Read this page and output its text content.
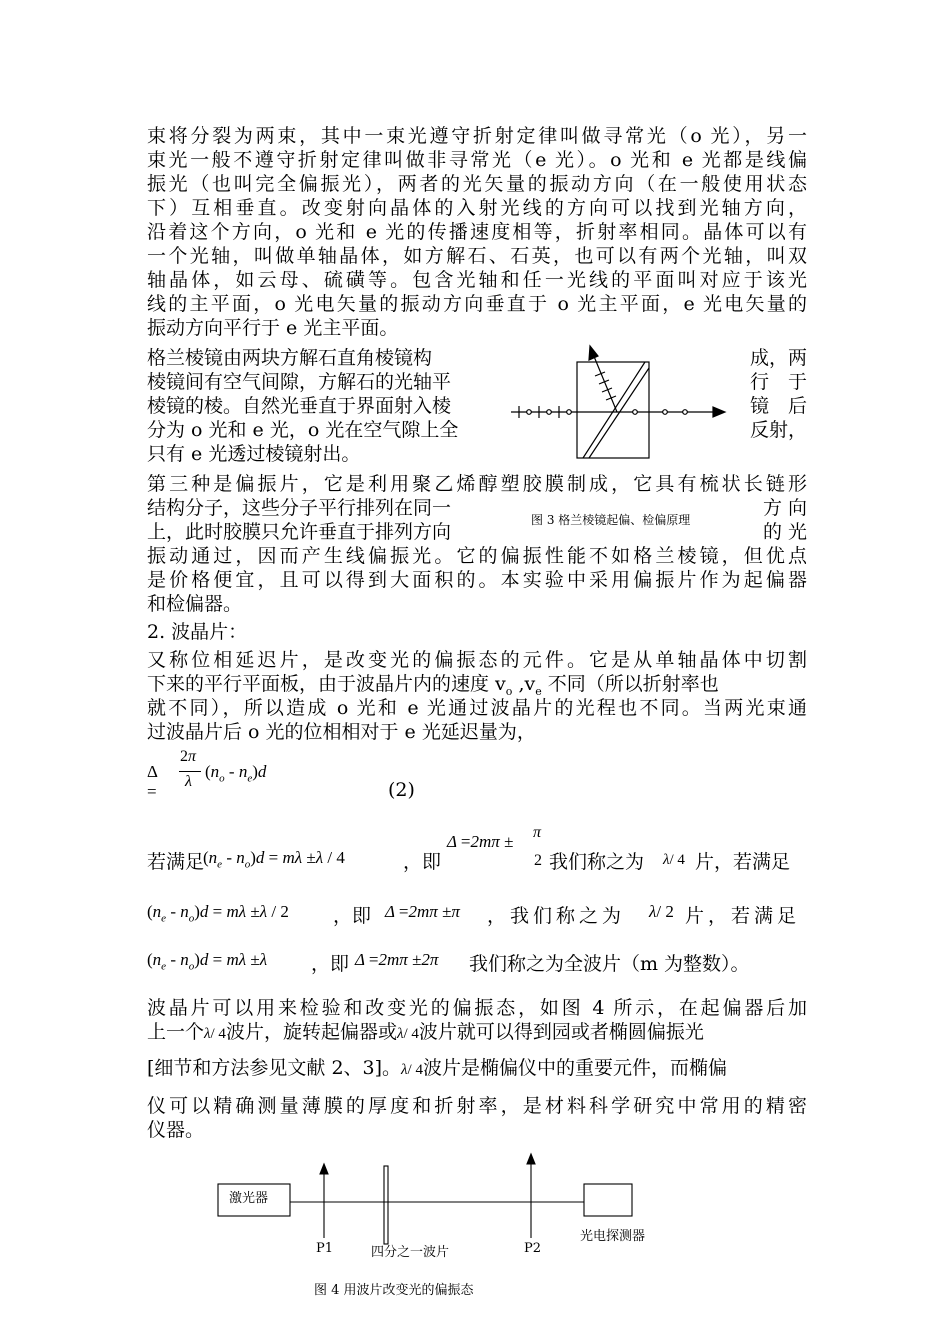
束将分裂为两束，其中一束光遵守折射定律叫做寻常光（o 光），另一
束光一般不遵守折射定律叫做非寻常光（e 光）。o 光和 e 光都是线偏
振光（也叫完全偏振光），两者的光矢量的振动方向（在一般使用状态
下）互相垂直。改变射向晶体的入射光线的方向可以找到光轴方向，
沿着这个方向，o 光和 e 光的传播速度相等，折射率相同。晶体可以有
一个光轴，叫做单轴晶体，如方解石、石英，也可以有两个光轴，叫双
轴晶体，如云母、硫磺等。包含光轴和任一光线的平面叫对应于该光
线的主平面，o 光电矢量的振动方向垂直于 o 光主平面，e 光电矢量的
振动方向平行于 e 光主平面。
格兰棱镜由两块方解石直角棱镜构
棱镜间有空气间隙，方解石的光轴平
棱镜的棱。自然光垂直于界面射入棱
分为 o 光和 e 光，o 光在空气隙上全
只有 e 光透过棱镜射出。
成，两
行　于
镜　后
反射，
图 3 格兰棱镜起偏、检偏原理
第三种是偏振片，它是利用聚乙烯醇塑胶膜制成，它具有梳状长链形
结构分子，这些分子平行排列在同一	方 向
上，此时胶膜只允许垂直于排列方向	的 光
振动通过，因而产生线偏振光。它的偏振性能不如格兰棱镜，但优点
是价格便宜，且可以得到大面积的。本实验中采用偏振片作为起偏器
和检偏器。
2. 波晶片：
又称位相延迟片，是改变光的偏振态的元件。它是从单轴晶体中切割
下来的平行平面板，由于波晶片内的速度 $v_o$ $,v_e$ 不同（所以折射率也
就不同），所以造成 o 光和 e 光通过波晶片的光程也不同。当两光束通
过波晶片后 o 光的位相相对于 e 光延迟量为，
Δ =
2π
λ
$(n_o - n_e)d$
(2)
若满足
$(n_e - n_o)d = m\lambda \pm\lambda / 4$	，即
Δ =2mπ ± π
2 我们称之为 λ/ 4 片，若满足
$(n_e - n_o)d = m\lambda \pm\lambda / 2$ ，即 Δ =2mπ ±π ，我们称之为 λ/ 2 片，若满足
$(n_e - n_o)d = m\lambda \pm\lambda$ ，即 Δ =2mπ ±2π 我们称之为全波片（m 为整数）。
波晶片可以用来检验和改变光的偏振态，如图 4 所示，在起偏器后加
上一个λ/ 4波片，旋转起偏器或λ/ 4波片就可以得到园或者椭圆偏振光
[细节和方法参见文献 2、3]。λ/ 4波片是椭偏仪中的重要元件，而椭偏
仪可以精确测量薄膜的厚度和折射率，是材料科学研究中常用的精密
仪器。
激光器
P1	四分之一波片	P2
光电探测器
图 4 用波片改变光的偏振态
